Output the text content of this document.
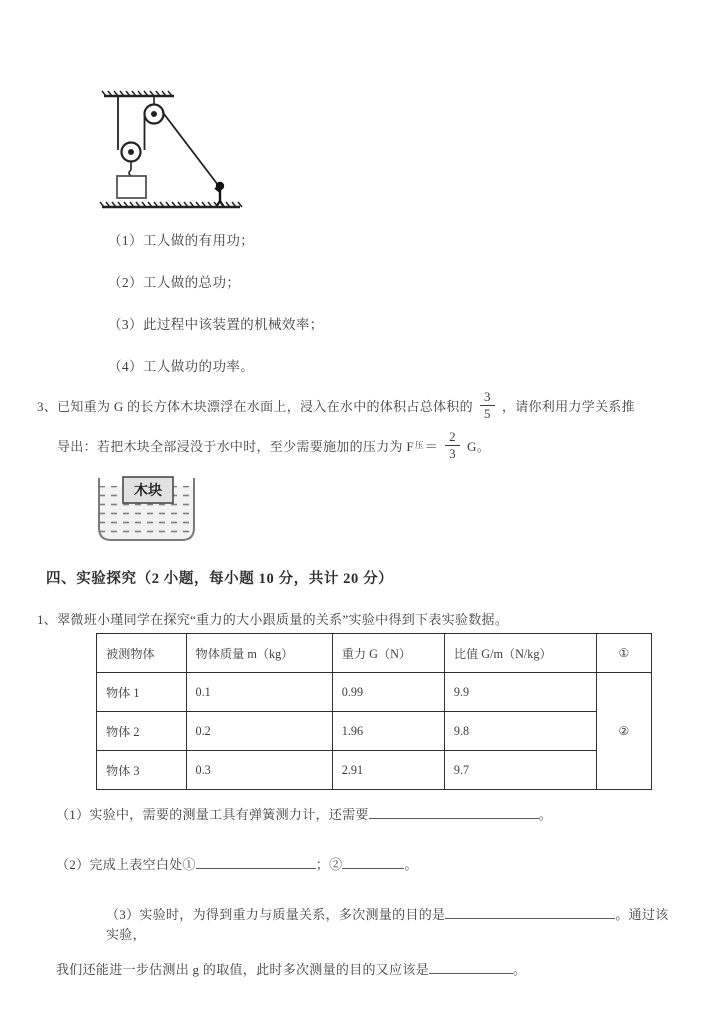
（1）工人做的有用功；
（2）工人做的总功；
（3）此过程中该装置的机械效率；
（4）工人做功的功率。
3、已知重为 G 的长方体木块漂浮在水面上，浸入在水中的体积占总体积的 $\frac{3}{5}$ ，请你利用力学关系推
导出：若把木块全部浸没于水中时，至少需要施加的压力为 F 压 ＝ $\frac{2}{3}$ G。
木块
四、实验探究（2 小题，每小题 10 分，共计 20 分）
1、翠微班小瑾同学在探究“重力的大小跟质量的关系”实验中得到下表实验数据。
被测物体	物体质量 m（kg）	重力 G（N）	比值 G/m（N/kg）	①
物体 1	0.1	0.99	9.9	②
物体 2	0.2	1.96	9.8	
物体 3	0.3	2.91	9.7	
（1）实验中，需要的测量工具有弹簧测力计，还需要	。
（2）完成上表空白处①	；②	。
（3）实验时，为得到重力与质量关系，多次测量的目的是	。通过该实验，
我们还能进一步估测出 g 的取值，此时多次测量的目的又应该是	。
